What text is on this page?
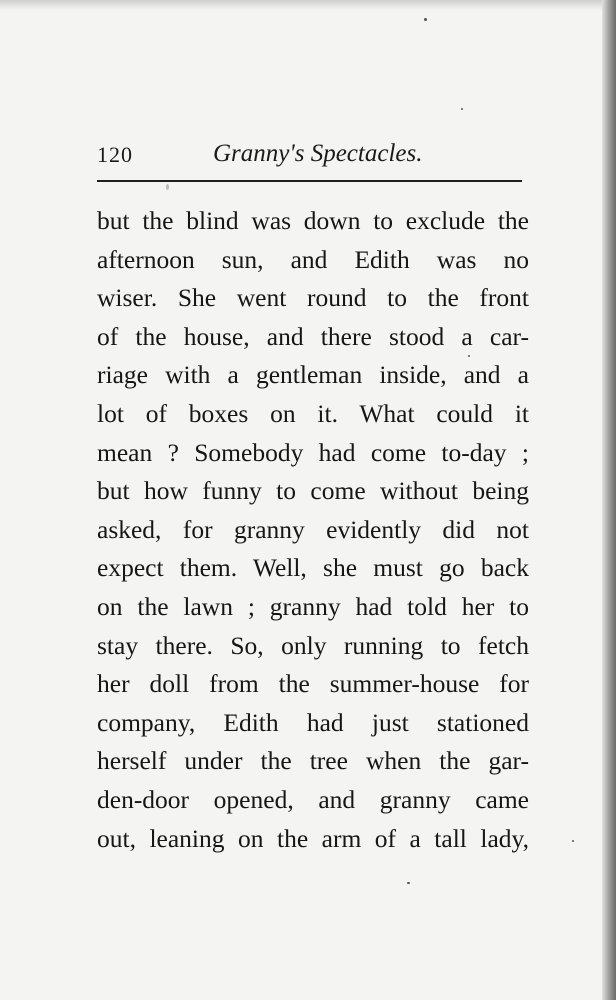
120	Granny's Spectacles.
but the blind was down to exclude the
afternoon sun, and Edith was no
wiser. She went round to the front
of the house, and there stood a car-
riage with a gentleman inside, and a
lot of boxes on it. What could it
mean ? Somebody had come to-day ;
but how funny to come without being
asked, for granny evidently did not
expect them. Well, she must go back
on the lawn ; granny had told her to
stay there. So, only running to fetch
her doll from the summer-house for
company, Edith had just stationed
herself under the tree when the gar-
den-door opened, and granny came
out, leaning on the arm of a tall lady,
